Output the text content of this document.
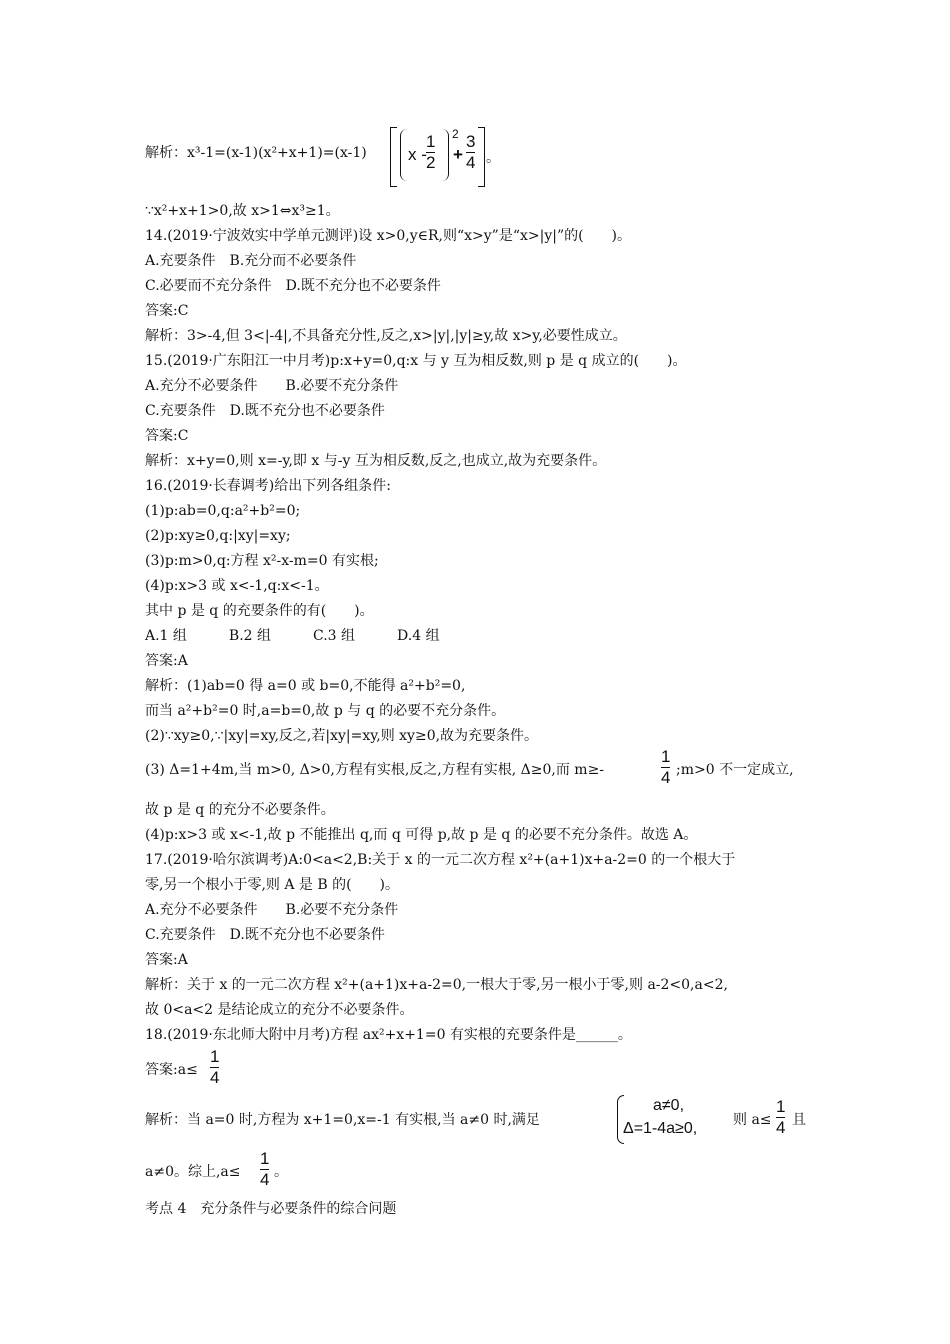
解析：x³-1=(x-1)(x²+x+1)=(x-1) x -
1
2
2
+
3
4 。
∵x²+x+1>0,故 x>1⇔x³≥1。
14.(2019·宁波效实中学单元测评)设 x>0,y∈R,则“x>y”是“x>|y|”的(　　)。
A.充要条件　B.充分而不必要条件
C.必要而不充分条件　D.既不充分也不必要条件
答案:C
解析：3>-4,但 3<|-4|,不具备充分性,反之,x>|y|,|y|≥y,故 x>y,必要性成立。
15.(2019·广东阳江一中月考)p:x+y=0,q:x 与 y 互为相反数,则 p 是 q 成立的(　　)。
A.充分不必要条件　　B.必要不充分条件
C.充要条件　D.既不充分也不必要条件
答案:C
解析：x+y=0,则 x=-y,即 x 与-y 互为相反数,反之,也成立,故为充要条件。
16.(2019·长春调考)给出下列各组条件:
(1)p:ab=0,q:a²+b²=0;
(2)p:xy≥0,q:|xy|=xy;
(3)p:m>0,q:方程 x²-x-m=0 有实根;
(4)p:x>3 或 x<-1,q:x<-1。
其中 p 是 q 的充要条件的有(　　)。
A.1 组　　　B.2 组　　　C.3 组　　　D.4 组
答案:A
解析：(1)ab=0 得 a=0 或 b=0,不能得 a²+b²=0,
而当 a²+b²=0 时,a=b=0,故 p 与 q 的必要不充分条件。
(2)∵xy≥0,∵|xy|=xy,反之,若|xy|=xy,则 xy≥0,故为充要条件。
(3) Δ=1+4m,当 m>0, Δ>0,方程有实根,反之,方程有实根, Δ≥0,而 m≥-
1
4 ;m>0 不一定成立,
故 p 是 q 的充分不必要条件。
(4)p:x>3 或 x<-1,故 p 不能推出 q,而 q 可得 p,故 p 是 q 的必要不充分条件。故选 A。
17.(2019·哈尔滨调考)A:0<a<2,B:关于 x 的一元二次方程 x²+(a+1)x+a-2=0 的一个根大于
零,另一个根小于零,则 A 是 B 的(　　)。
A.充分不必要条件　　B.必要不充分条件
C.充要条件　D.既不充分也不必要条件
答案:A
解析：关于 x 的一元二次方程 x²+(a+1)x+a-2=0,一根大于零,另一根小于零,则 a-2<0,a<2,
故 0<a<2 是结论成立的充分不必要条件。
18.(2019·东北师大附中月考)方程 ax²+x+1=0 有实根的充要条件是______。
答案:a≤
1
4
解析：当 a=0 时,方程为 x+1=0,x=-1 有实根,当 a≠0 时,满足
a≠0,
Δ=1-4a≥0,	则 a≤
1
4 且
a≠0。综上,a≤
1
4 。
考点 4　充分条件与必要条件的综合问题
